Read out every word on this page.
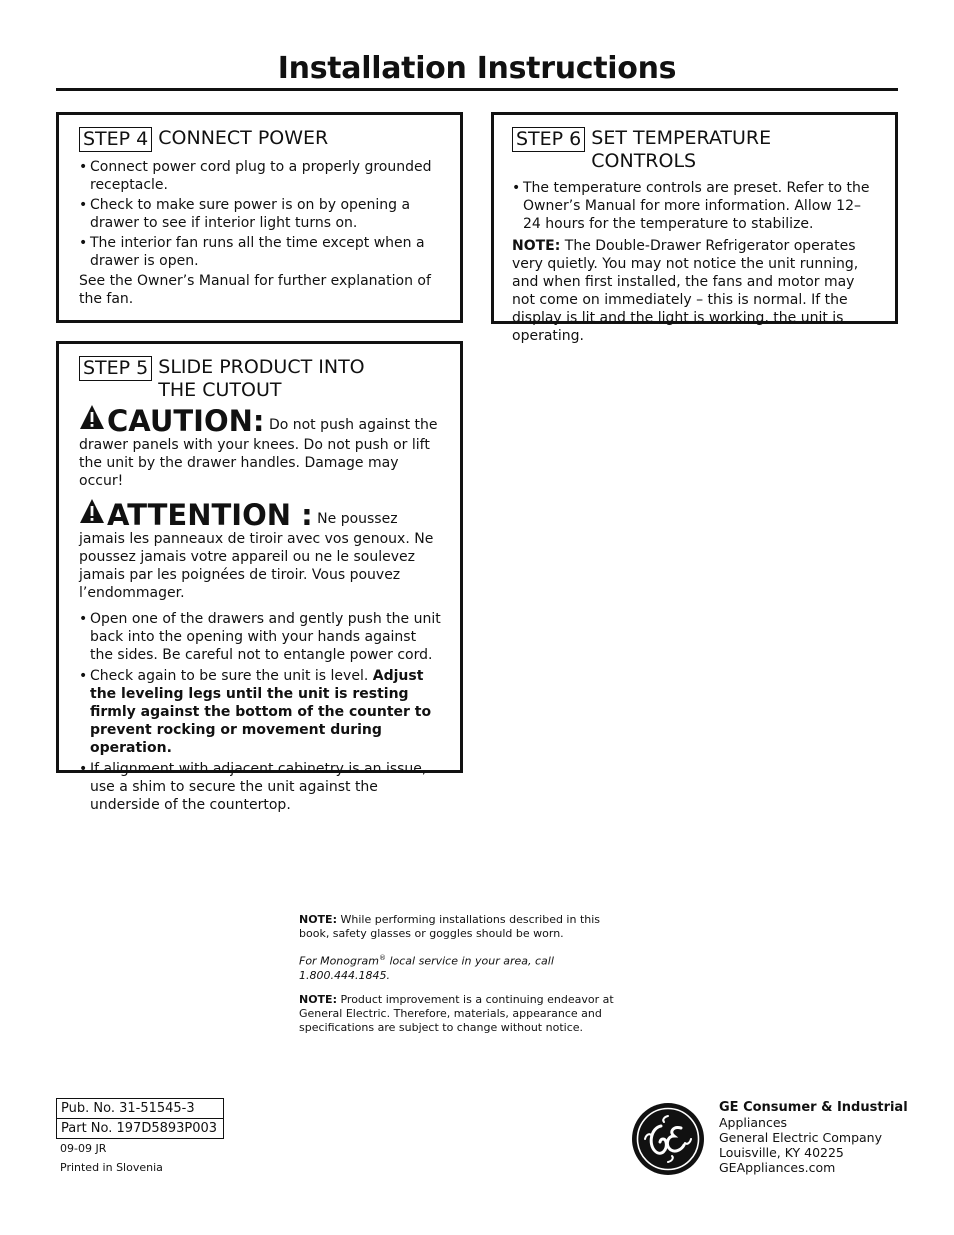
Installation Instructions
STEP 4 CONNECT POWER
• Connect power cord plug to a properly grounded receptacle.
• Check to make sure power is on by opening a drawer to see if interior light turns on.
• The interior fan runs all the time except when a drawer is open.

See the Owner’s Manual for further explanation of the fan.

STEP 6 SET TEMPERATURE CONTROLS
• The temperature controls are preset. Refer to the Owner’s Manual for more information. Allow 12–24 hours for the temperature to stabilize.

NOTE: The Double-Drawer Refrigerator operates very quietly. You may not notice the unit running, and when first installed, the fans and motor may not come on immediately – this is normal. If the display is lit and the light is working, the unit is operating.

STEP 5 SLIDE PRODUCT INTO
THE CUTOUT
CAUTION: Do not push against the drawer panels with your knees. Do not push or lift the unit by the drawer handles. Damage may occur!
ATTENTION : Ne poussez jamais les panneaux de tiroir avec vos genoux. Ne poussez jamais votre appareil ou ne le soulevez jamais par les poignées de tiroir. Vous pouvez l’endommager.
• Open one of the drawers and gently push the unit back into the opening with your hands against the sides. Be careful not to entangle power cord.
• Check again to be sure the unit is level. Adjust the leveling legs until the unit is resting firmly against the bottom of the counter to prevent rocking or movement during operation.
• If alignment with adjacent cabinetry is an issue, use a shim to secure the unit against the underside of the countertop.

NOTE: While performing installations described in this book, safety glasses or goggles should be worn.

For Monogram® local service in your area, call 1.800.444.1845.

NOTE: Product improvement is a continuing endeavor at General Electric. Therefore, materials, appearance and specifications are subject to change without notice.

Pub. No. 31-51545-3
Part No. 197D5893P003
09-09 JR
Printed in Slovenia
GE Consumer & Industrial
Appliances
General Electric Company
Louisville, KY 40225
GEAppliances.com
